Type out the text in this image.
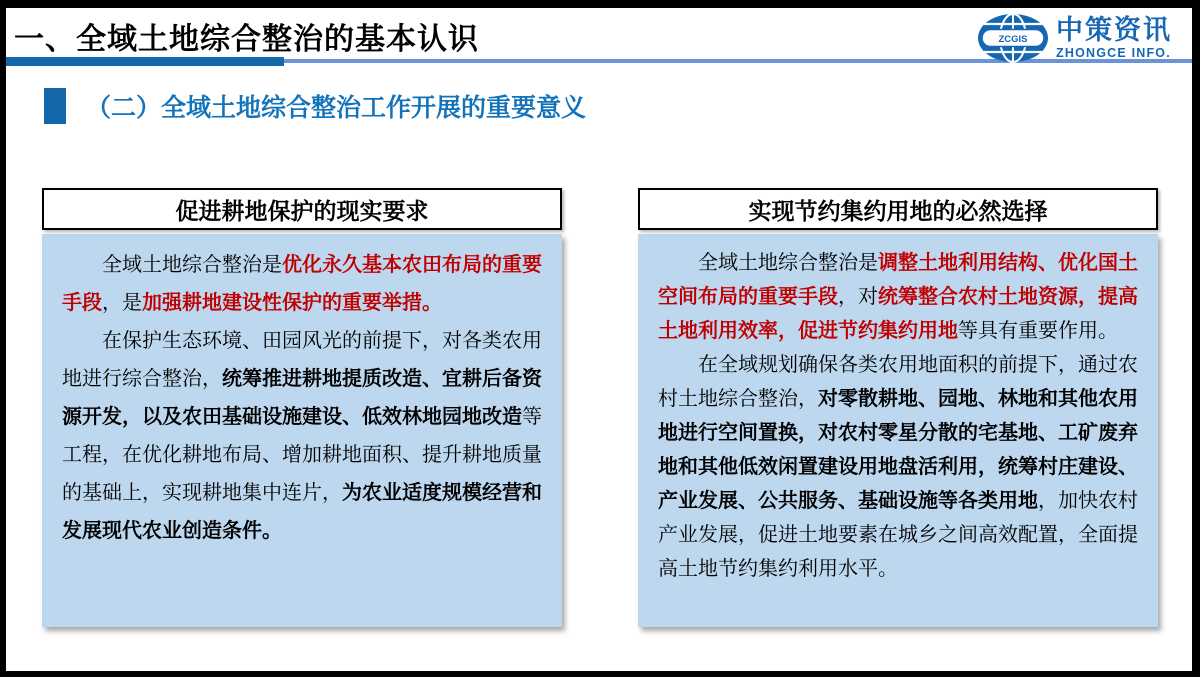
一、全域土地综合整治的基本认识	ZCGIS 中策资讯
ZHONGCE INFO.
（二）全域土地综合整治工作开展的重要意义
促进耕地保护的现实要求

全域土地综合整治是优化永久基本农田布局的重要手段，是加强耕地建设性保护的重要举措。

在保护生态环境、田园风光的前提下，对各类农用地进行综合整治，统筹推进耕地提质改造、宜耕后备资源开发，以及农田基础设施建设、低效林地园地改造等工程，在优化耕地布局、增加耕地面积、提升耕地质量的基础上，实现耕地集中连片，为农业适度规模经营和发展现代农业创造条件。

实现节约集约用地的必然选择

全域土地综合整治是调整土地利用结构、优化国土空间布局的重要手段，对统筹整合农村土地资源，提高土地利用效率，促进节约集约用地等具有重要作用。

在全域规划确保各类农用地面积的前提下，通过农村土地综合整治，对零散耕地、园地、林地和其他农用地进行空间置换，对农村零星分散的宅基地、工矿废弃地和其他低效闲置建设用地盘活利用，统筹村庄建设、产业发展、公共服务、基础设施等各类用地，加快农村产业发展，促进土地要素在城乡之间高效配置，全面提高土地节约集约利用水平。
